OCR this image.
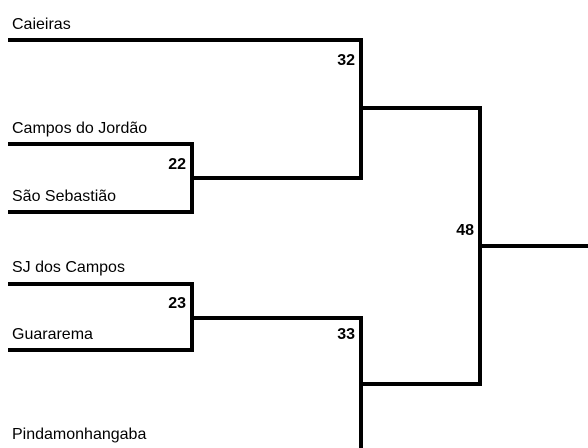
Caieiras
Campos do Jordão
São Sebastião
SJ dos Campos
Guararema
Pindamonhangaba
32
22
23
33
48
